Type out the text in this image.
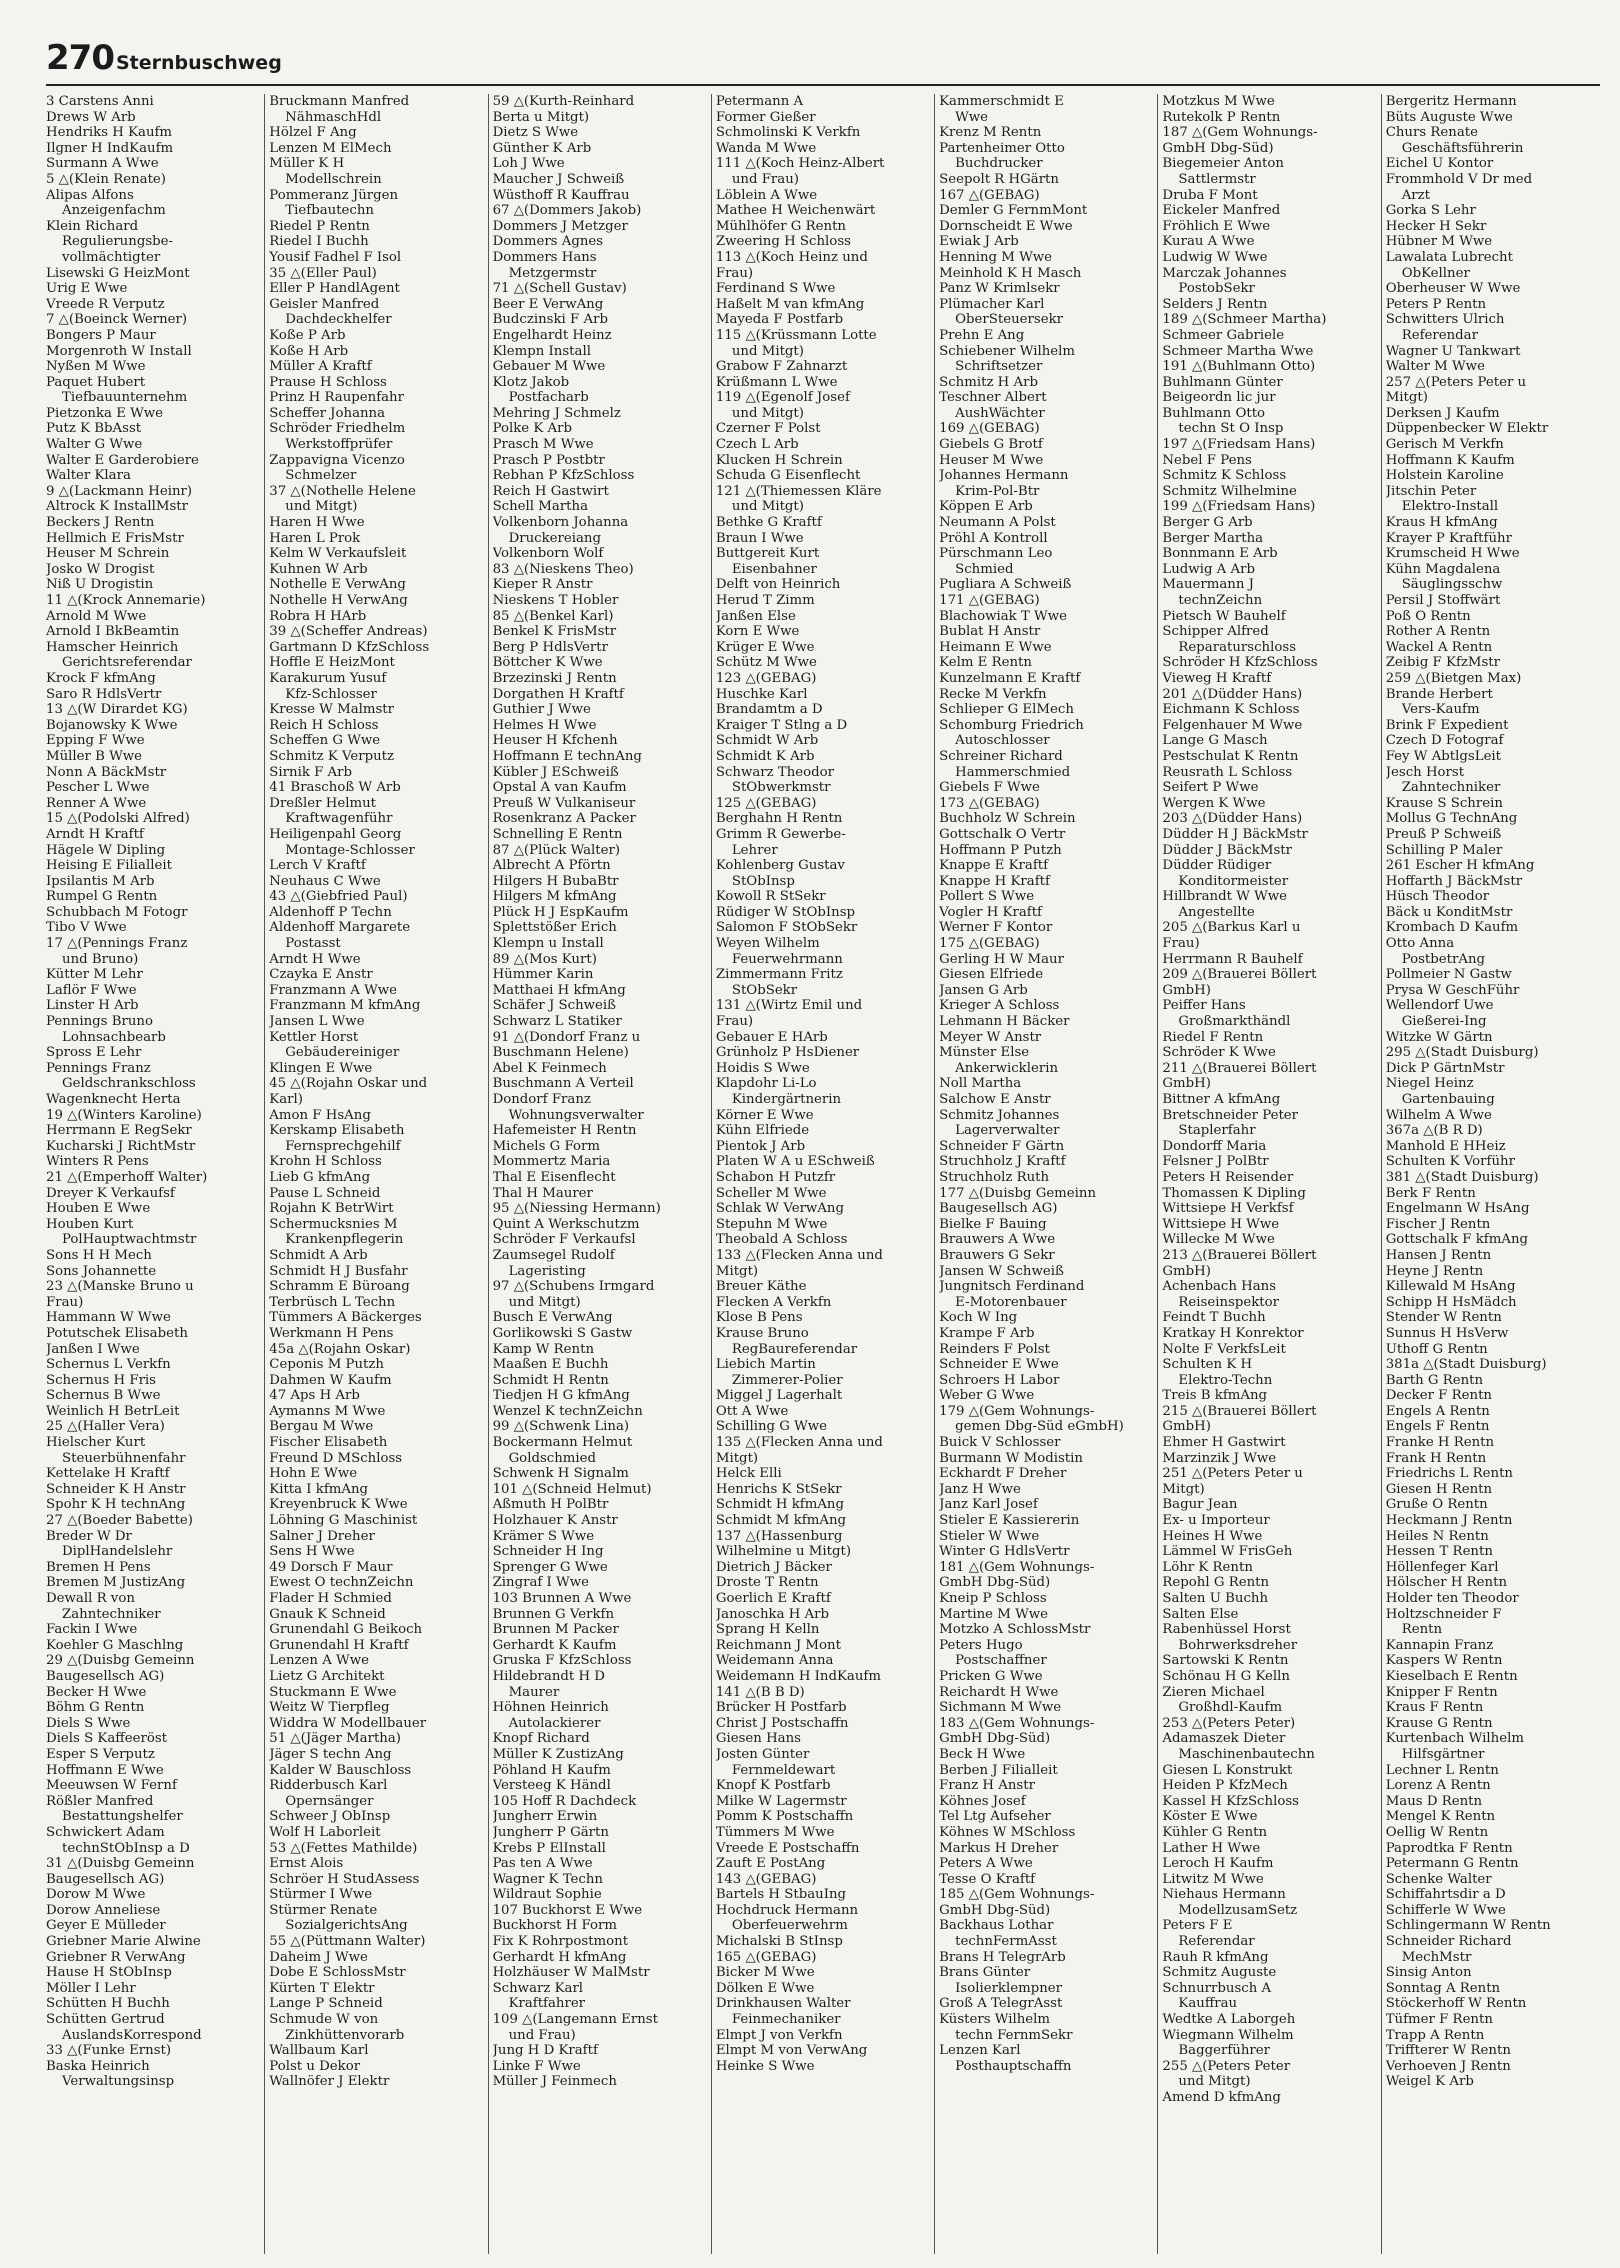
270 Sternbuschweg
3 Carstens Anni
Drews W Arb
Hendriks H Kaufm
Ilgner H IndKaufm
Surmann A Wwe
5 △(Klein Renate)
Alipas Alfons
Anzeigenfachm
Klein Richard
Regulierungsbe-
vollmächtigter
Lisewski G HeizMont
Urig E Wwe
Vreede R Verputz
7 △(Boeinck Werner)
Bongers P Maur
Morgenroth W Install
Nyßen M Wwe
Paquet Hubert
Tiefbauunternehm
Pietzonka E Wwe
Putz K BbAsst
Walter G Wwe
Walter E Garderobiere
Walter Klara
9 △(Lackmann Heinr)
Altrock K InstallMstr
Beckers J Rentn
Hellmich E FrisMstr
Heuser M Schrein
Josko W Drogist
Niß U Drogistin
11 △(Krock Annemarie)
Arnold M Wwe
Arnold I BkBeamtin
Hamscher Heinrich
Gerichtsreferendar
Krock F kfmAng
Saro R HdlsVertr
13 △(W Dirardet KG)
Bojanowsky K Wwe
Epping F Wwe
Müller B Wwe
Nonn A BäckMstr
Pescher L Wwe
Renner A Wwe
15 △(Podolski Alfred)
Arndt H Kraftf
Hägele W Dipling
Heising E Filialleit
Ipsilantis M Arb
Rumpel G Rentn
Schubbach M Fotogr
Tibo V Wwe
17 △(Pennings Franz
und Bruno)
Kütter M Lehr
Laflör F Wwe
Linster H Arb
Pennings Bruno
Lohnsachbearb
Spross E Lehr
Pennings Franz
Geldschrankschloss
Wagenknecht Herta
19 △(Winters Karoline)
Herrmann E RegSekr
Kucharski J RichtMstr
Winters R Pens
21 △(Emperhoff Walter)
Dreyer K Verkaufsf
Houben E Wwe
Houben Kurt
PolHauptwachtmstr
Sons H H Mech
Sons Johannette
23 △(Manske Bruno u
Frau)
Hammann W Wwe
Potutschek Elisabeth
Janßen I Wwe
Schernus L Verkfn
Schernus H Fris
Schernus B Wwe
Weinlich H BetrLeit
25 △(Haller Vera)
Hielscher Kurt
Steuerbühnenfahr
Kettelake H Kraftf
Schneider K H Anstr
Spohr K H technAng
27 △(Boeder Babette)
Breder W Dr
DiplHandelslehr
Bremen H Pens
Bremen M JustizAng
Dewall R von
Zahntechniker
Fackin I Wwe
Koehler G Maschlng
29 △(Duisbg Gemeinn
Baugesellsch AG)
Becker H Wwe
Böhm G Rentn
Diels S Wwe
Diels S Kaffeeröst
Esper S Verputz
Hoffmann E Wwe
Meeuwsen W Fernf
Rößler Manfred
Bestattungshelfer
Schwickert Adam
technStObInsp a D
31 △(Duisbg Gemeinn
Baugesellsch AG)
Dorow M Wwe
Dorow Anneliese
Geyer E Mülleder
Griebner Marie Alwine
Griebner R VerwAng
Hause H StObInsp
Möller I Lehr
Schütten H Buchh
Schütten Gertrud
AuslandsKorrespond
33 △(Funke Ernst)
Baska Heinrich
Verwaltungsinsp
Bruckmann Manfred
NähmaschHdl
Hölzel F Ang
Lenzen M ElMech
Müller K H
Modellschrein
Pommeranz Jürgen
Tiefbautechn
Riedel P Rentn
Riedel I Buchh
Yousif Fadhel F Isol
35 △(Eller Paul)
Eller P HandlAgent
Geisler Manfred
Dachdeckhelfer
Koße P Arb
Koße H Arb
Müller A Kraftf
Prause H Schloss
Prinz H Raupenfahr
Scheffer Johanna
Schröder Friedhelm
Werkstoffprüfer
Zappavigna Vicenzo
Schmelzer
37 △(Nothelle Helene
und Mitgt)
Haren H Wwe
Haren L Prok
Kelm W Verkaufsleit
Kuhnen W Arb
Nothelle E VerwAng
Nothelle H VerwAng
Robra H HArb
39 △(Scheffer Andreas)
Gartmann D KfzSchloss
Hoffle E HeizMont
Karakurum Yusuf
Kfz-Schlosser
Kresse W Malmstr
Reich H Schloss
Scheffen G Wwe
Schmitz K Verputz
Sirnik F Arb
41 Braschoß W Arb
Dreßler Helmut
Kraftwagenführ
Heiligenpahl Georg
Montage-Schlosser
Lerch V Kraftf
Neuhaus C Wwe
43 △(Giebfried Paul)
Aldenhoff P Techn
Aldenhoff Margarete
Postasst
Arndt H Wwe
Czayka E Anstr
Franzmann A Wwe
Franzmann M kfmAng
Jansen L Wwe
Kettler Horst
Gebäudereiniger
Klingen E Wwe
45 △(Rojahn Oskar und
Karl)
Amon F HsAng
Kerskamp Elisabeth
Fernsprechgehilf
Krohn H Schloss
Lieb G kfmAng
Pause L Schneid
Rojahn K BetrWirt
Schermucksnies M
Krankenpflegerin
Schmidt A Arb
Schmidt H J Busfahr
Schramm E Büroang
Terbrüsch L Techn
Tümmers A Bäckerges
Werkmann H Pens
45a △(Rojahn Oskar)
Ceponis M Putzh
Dahmen W Kaufm
47 Aps H Arb
Aymanns M Wwe
Bergau M Wwe
Fischer Elisabeth
Freund D MSchloss
Hohn E Wwe
Kitta I kfmAng
Kreyenbruck K Wwe
Löhning G Maschinist
Salner J Dreher
Sens H Wwe
49 Dorsch F Maur
Ewest O technZeichn
Flader H Schmied
Gnauk K Schneid
Grunendahl G Beikoch
Grunendahl H Kraftf
Lenzen A Wwe
Lietz G Architekt
Stuckmann E Wwe
Weitz W Tierpfleg
Widdra W Modellbauer
51 △(Jäger Martha)
Jäger S techn Ang
Kalder W Bauschloss
Ridderbusch Karl
Opernsänger
Schweer J ObInsp
Wolf H Laborleit
53 △(Fettes Mathilde)
Ernst Alois
Schröer H StudAssess
Stürmer I Wwe
Stürmer Renate
SozialgerichtsAng
55 △(Püttmann Walter)
Daheim J Wwe
Dobe E SchlossMstr
Kürten T Elektr
Lange P Schneid
Schmude W von
Zinkhüttenvorarb
Wallbaum Karl
Polst u Dekor
Wallnöfer J Elektr
59 △(Kurth-Reinhard
Berta u Mitgt)
Dietz S Wwe
Günther K Arb
Loh J Wwe
Maucher J Schweiß
Wüsthoff R Kauffrau
67 △(Dommers Jakob)
Dommers J Metzger
Dommers Agnes
Dommers Hans
Metzgermstr
71 △(Schell Gustav)
Beer E VerwAng
Budczinski F Arb
Engelhardt Heinz
Klempn Install
Gebauer M Wwe
Klotz Jakob
Postfacharb
Mehring J Schmelz
Polke K Arb
Prasch M Wwe
Prasch P Postbtr
Rebhan P KfzSchloss
Reich H Gastwirt
Schell Martha
Volkenborn Johanna
Druckereiang
Volkenborn Wolf
83 △(Nieskens Theo)
Kieper R Anstr
Nieskens T Hobler
85 △(Benkel Karl)
Benkel K FrisMstr
Berg P HdlsVertr
Böttcher K Wwe
Brzezinski J Rentn
Dorgathen H Kraftf
Guthier J Wwe
Helmes H Wwe
Heuser H Kfchenh
Hoffmann E technAng
Kübler J ESchweiß
Opstal A van Kaufm
Preuß W Vulkaniseur
Rosenkranz A Packer
Schnelling E Rentn
87 △(Plück Walter)
Albrecht A Pförtn
Hilgers H BubaBtr
Hilgers M kfmAng
Plück H J EspKaufm
Splettstößer Erich
Klempn u Install
89 △(Mos Kurt)
Hümmer Karin
Matthaei H kfmAng
Schäfer J Schweiß
Schwarz L Statiker
91 △(Dondorf Franz u
Buschmann Helene)
Abel K Feinmech
Buschmann A Verteil
Dondorf Franz
Wohnungsverwalter
Hafemeister H Rentn
Michels G Form
Mommertz Maria
Thal E Eisenflecht
Thal H Maurer
95 △(Niessing Hermann)
Quint A Werkschutzm
Schröder F Verkaufsl
Zaumsegel Rudolf
Lageristing
97 △(Schubens Irmgard
und Mitgt)
Busch E VerwAng
Gorlikowski S Gastw
Kamp W Rentn
Maaßen E Buchh
Schmidt H Rentn
Tiedjen H G kfmAng
Wenzel K technZeichn
99 △(Schwenk Lina)
Bockermann Helmut
Goldschmied
Schwenk H Signalm
101 △(Schneid Helmut)
Aßmuth H PolBtr
Holzhauer K Anstr
Krämer S Wwe
Schneider H Ing
Sprenger G Wwe
Zingraf I Wwe
103 Brunnen A Wwe
Brunnen G Verkfn
Brunnen M Packer
Gerhardt K Kaufm
Gruska F KfzSchloss
Hildebrandt H D
Maurer
Höhnen Heinrich
Autolackierer
Knopf Richard
Müller K ZustizAng
Pöhland H Kaufm
Versteeg K Händl
105 Hoff R Dachdeck
Jungherr Erwin
Jungherr P Gärtn
Krebs P ElInstall
Pas ten A Wwe
Wagner K Techn
Wildraut Sophie
107 Buckhorst E Wwe
Buckhorst H Form
Fix K Rohrpostmont
Gerhardt H kfmAng
Holzhäuser W MalMstr
Schwarz Karl
Kraftfahrer
109 △(Langemann Ernst
und Frau)
Jung H D Kraftf
Linke F Wwe
Müller J Feinmech
Petermann A
Former Gießer
Schmolinski K Verkfn
Wanda M Wwe
111 △(Koch Heinz-Albert
und Frau)
Löblein A Wwe
Mathee H Weichenwärt
Mühlhöfer G Rentn
Zweering H Schloss
113 △(Koch Heinz und
Frau)
Ferdinand S Wwe
Haßelt M van kfmAng
Mayeda F Postfarb
115 △(Krüssmann Lotte
und Mitgt)
Grabow F Zahnarzt
Krüßmann L Wwe
119 △(Egenolf Josef
und Mitgt)
Czerner F Polst
Czech L Arb
Klucken H Schrein
Schuda G Eisenflecht
121 △(Thiemessen Kläre
und Mitgt)
Bethke G Kraftf
Braun I Wwe
Buttgereit Kurt
Eisenbahner
Delft von Heinrich
Herud T Zimm
Janßen Else
Korn E Wwe
Krüger E Wwe
Schütz M Wwe
123 △(GEBAG)
Huschke Karl
Brandamtm a D
Kraiger T Stlng a D
Schmidt W Arb
Schmidt K Arb
Schwarz Theodor
StObwerkmstr
125 △(GEBAG)
Berghahn H Rentn
Grimm R Gewerbe-
Lehrer
Kohlenberg Gustav
StObInsp
Kowoll R StSekr
Rüdiger W StObInsp
Salomon F StObSekr
Weyen Wilhelm
Feuerwehrmann
Zimmermann Fritz
StObSekr
131 △(Wirtz Emil und
Frau)
Gebauer E HArb
Grünholz P HsDiener
Hoidis S Wwe
Klapdohr Li-Lo
Kindergärtnerin
Körner E Wwe
Kühn Elfriede
Pientok J Arb
Platen W A u ESchweiß
Schabon H Putzfr
Scheller M Wwe
Schlak W VerwAng
Stepuhn M Wwe
Theobald A Schloss
133 △(Flecken Anna und
Mitgt)
Breuer Käthe
Flecken A Verkfn
Klose B Pens
Krause Bruno
RegBaureferendar
Liebich Martin
Zimmerer-Polier
Miggel J Lagerhalt
Ott A Wwe
Schilling G Wwe
135 △(Flecken Anna und
Mitgt)
Helck Elli
Henrichs K StSekr
Schmidt H kfmAng
Schmidt M kfmAng
137 △(Hassenburg
Wilhelmine u Mitgt)
Dietrich J Bäcker
Droste T Rentn
Goerlich E Kraftf
Janoschka H Arb
Sprang H Kelln
Reichmann J Mont
Weidemann Anna
Weidemann H IndKaufm
141 △(B B D)
Brücker H Postfarb
Christ J Postschaffn
Giesen Hans
Josten Günter
Fernmeldewart
Knopf K Postfarb
Milke W Lagermstr
Pomm K Postschaffn
Tümmers M Wwe
Vreede E Postschaffn
Zauft E PostAng
143 △(GEBAG)
Bartels H StbauIng
Hochdruck Hermann
Oberfeuerwehrm
Michalski B StInsp
165 △(GEBAG)
Bicker M Wwe
Dölken E Wwe
Drinkhausen Walter
Feinmechaniker
Elmpt J von Verkfn
Elmpt M von VerwAng
Heinke S Wwe
Kammerschmidt E
Wwe
Krenz M Rentn
Partenheimer Otto
Buchdrucker
Seepolt R HGärtn
167 △(GEBAG)
Demler G FernmMont
Dornscheidt E Wwe
Ewiak J Arb
Henning M Wwe
Meinhold K H Masch
Panz W Krimlsekr
Plümacher Karl
OberSteuersekr
Prehn E Ang
Schiebener Wilhelm
Schriftsetzer
Schmitz H Arb
Teschner Albert
AushWächter
169 △(GEBAG)
Giebels G Brotf
Heuser M Wwe
Johannes Hermann
Krim-Pol-Btr
Köppen E Arb
Neumann A Polst
Pröhl A Kontroll
Pürschmann Leo
Schmied
Pugliara A Schweiß
171 △(GEBAG)
Blachowiak T Wwe
Bublat H Anstr
Heimann E Wwe
Kelm E Rentn
Kunzelmann E Kraftf
Recke M Verkfn
Schlieper G ElMech
Schomburg Friedrich
Autoschlosser
Schreiner Richard
Hammerschmied
Giebels F Wwe
173 △(GEBAG)
Buchholz W Schrein
Gottschalk O Vertr
Hoffmann P Putzh
Knappe E Kraftf
Knappe H Kraftf
Pollert S Wwe
Vogler H Kraftf
Werner F Kontor
175 △(GEBAG)
Gerling H W Maur
Giesen Elfriede
Jansen G Arb
Krieger A Schloss
Lehmann H Bäcker
Meyer W Anstr
Münster Else
Ankerwicklerin
Noll Martha
Salchow E Anstr
Schmitz Johannes
Lagerverwalter
Schneider F Gärtn
Struchholz J Kraftf
Struchholz Ruth
177 △(Duisbg Gemeinn
Baugesellsch AG)
Bielke F Bauing
Brauwers A Wwe
Brauwers G Sekr
Jansen W Schweiß
Jungnitsch Ferdinand
E-Motorenbauer
Koch W Ing
Krampe F Arb
Reinders F Polst
Schneider E Wwe
Schroers H Labor
Weber G Wwe
179 △(Gem Wohnungs-
gemen Dbg-Süd eGmbH)
Buick V Schlosser
Burmann W Modistin
Eckhardt F Dreher
Janz H Wwe
Janz Karl Josef
Stieler E Kassiererin
Stieler W Wwe
Winter G HdlsVertr
181 △(Gem Wohnungs-
GmbH Dbg-Süd)
Kneip P Schloss
Martine M Wwe
Motzko A SchlossMstr
Peters Hugo
Postschaffner
Pricken G Wwe
Reichardt H Wwe
Sichmann M Wwe
183 △(Gem Wohnungs-
GmbH Dbg-Süd)
Beck H Wwe
Berben J Filialleit
Franz H Anstr
Köhnes Josef
Tel Ltg Aufseher
Köhnes W MSchloss
Markus H Dreher
Peters A Wwe
Tesse O Kraftf
185 △(Gem Wohnungs-
GmbH Dbg-Süd)
Backhaus Lothar
technFermAsst
Brans H TelegrArb
Brans Günter
Isolierklempner
Groß A TelegrAsst
Küsters Wilhelm
techn FernmSekr
Lenzen Karl
Posthauptschaffn
Motzkus M Wwe
Rutekolk P Rentn
187 △(Gem Wohnungs-
GmbH Dbg-Süd)
Biegemeier Anton
Sattlermstr
Druba F Mont
Eickeler Manfred
Fröhlich E Wwe
Kurau A Wwe
Ludwig W Wwe
Marczak Johannes
PostobSekr
Selders J Rentn
189 △(Schmeer Martha)
Schmeer Gabriele
Schmeer Martha Wwe
191 △(Buhlmann Otto)
Buhlmann Günter
Beigeordn lic jur
Buhlmann Otto
techn St O Insp
197 △(Friedsam Hans)
Nebel F Pens
Schmitz K Schloss
Schmitz Wilhelmine
199 △(Friedsam Hans)
Berger G Arb
Berger Martha
Bonnmann E Arb
Ludwig A Arb
Mauermann J
technZeichn
Pietsch W Bauhelf
Schipper Alfred
Reparaturschloss
Schröder H KfzSchloss
Vieweg H Kraftf
201 △(Düdder Hans)
Eichmann K Schloss
Felgenhauer M Wwe
Lange G Masch
Pestschulat K Rentn
Reusrath L Schloss
Seifert P Wwe
Wergen K Wwe
203 △(Düdder Hans)
Düdder H J BäckMstr
Düdder J BäckMstr
Düdder Rüdiger
Konditormeister
Hillbrandt W Wwe
Angestellte
205 △(Barkus Karl u
Frau)
Herrmann R Bauhelf
209 △(Brauerei Böllert
GmbH)
Peiffer Hans
Großmarkthändl
Riedel F Rentn
Schröder K Wwe
211 △(Brauerei Böllert
GmbH)
Bittner A kfmAng
Bretschneider Peter
Staplerfahr
Dondorff Maria
Felsner J PolBtr
Peters H Reisender
Thomassen K Dipling
Wittsiepe H Verkfsf
Wittsiepe H Wwe
Willecke M Wwe
213 △(Brauerei Böllert
GmbH)
Achenbach Hans
Reiseinspektor
Feindt T Buchh
Kratkay H Konrektor
Nolte F VerkfsLeit
Schulten K H
Elektro-Techn
Treis B kfmAng
215 △(Brauerei Böllert
GmbH)
Ehmer H Gastwirt
Marzinzik J Wwe
251 △(Peters Peter u
Mitgt)
Bagur Jean
Ex- u Importeur
Heines H Wwe
Lämmel W FrisGeh
Löhr K Rentn
Repohl G Rentn
Salten U Buchh
Salten Else
Rabenhüssel Horst
Bohrwerksdreher
Sartowski K Rentn
Schönau H G Kelln
Zieren Michael
Großhdl-Kaufm
253 △(Peters Peter)
Adamaszek Dieter
Maschinenbautechn
Giesen L Konstrukt
Heiden P KfzMech
Kassel H KfzSchloss
Köster E Wwe
Kühler G Rentn
Lather H Wwe
Leroch H Kaufm
Litwitz M Wwe
Niehaus Hermann
ModellzusamSetz
Peters F E
Referendar
Rauh R kfmAng
Schmitz Auguste
Schnurrbusch A
Kauffrau
Wedtke A Laborgeh
Wiegmann Wilhelm
Baggerführer
255 △(Peters Peter
und Mitgt)
Amend D kfmAng
Bergeritz Hermann
Büts Auguste Wwe
Churs Renate
Geschäftsführerin
Eichel U Kontor
Frommhold V Dr med
Arzt
Gorka S Lehr
Hecker H Sekr
Hübner M Wwe
Lawalata Lubrecht
ObKellner
Oberheuser W Wwe
Peters P Rentn
Schwitters Ulrich
Referendar
Wagner U Tankwart
Walter M Wwe
257 △(Peters Peter u
Mitgt)
Derksen J Kaufm
Düppenbecker W Elektr
Gerisch M Verkfn
Hoffmann K Kaufm
Holstein Karoline
Jitschin Peter
Elektro-Install
Kraus H kfmAng
Krayer P Kraftführ
Krumscheid H Wwe
Kühn Magdalena
Säuglingsschw
Persil J Stoffwärt
Poß O Rentn
Rother A Rentn
Wackel A Rentn
Zeibig F KfzMstr
259 △(Bietgen Max)
Brande Herbert
Vers-Kaufm
Brink F Expedient
Czech D Fotograf
Fey W AbtlgsLeit
Jesch Horst
Zahntechniker
Krause S Schrein
Mollus G TechnAng
Preuß P Schweiß
Schilling P Maler
261 Escher H kfmAng
Hoffarth J BäckMstr
Hüsch Theodor
Bäck u KonditMstr
Krombach D Kaufm
Otto Anna
PostbetrAng
Pollmeier N Gastw
Prysa W GeschFühr
Wellendorf Uwe
Gießerei-Ing
Witzke W Gärtn
295 △(Stadt Duisburg)
Dick P GärtnMstr
Niegel Heinz
Gartenbauing
Wilhelm A Wwe
367a △(B R D)
Manhold E HHeiz
Schulten K Vorführ
381 △(Stadt Duisburg)
Berk F Rentn
Engelmann W HsAng
Fischer J Rentn
Gottschalk F kfmAng
Hansen J Rentn
Heyne J Rentn
Killewald M HsAng
Schipp H HsMädch
Stender W Rentn
Sunnus H HsVerw
Uthoff G Rentn
381a △(Stadt Duisburg)
Barth G Rentn
Decker F Rentn
Engels A Rentn
Engels F Rentn
Franke H Rentn
Frank H Rentn
Friedrichs L Rentn
Giesen H Rentn
Gruße O Rentn
Heckmann J Rentn
Heiles N Rentn
Hessen T Rentn
Höllenfeger Karl
Hölscher H Rentn
Holder ten Theodor
Holtzschneider F
Rentn
Kannapin Franz
Kaspers W Rentn
Kieselbach E Rentn
Knipper F Rentn
Kraus F Rentn
Krause G Rentn
Kurtenbach Wilhelm
Hilfsgärtner
Lechner L Rentn
Lorenz A Rentn
Maus D Rentn
Mengel K Rentn
Oellig W Rentn
Paprodtka F Rentn
Petermann G Rentn
Schenke Walter
Schiffahrtsdir a D
Schifferle W Wwe
Schlingermann W Rentn
Schneider Richard
MechMstr
Sinsig Anton
Sonntag A Rentn
Stöckerhoff W Rentn
Tüfmer F Rentn
Trapp A Rentn
Triffterer W Rentn
Verhoeven J Rentn
Weigel K Arb
